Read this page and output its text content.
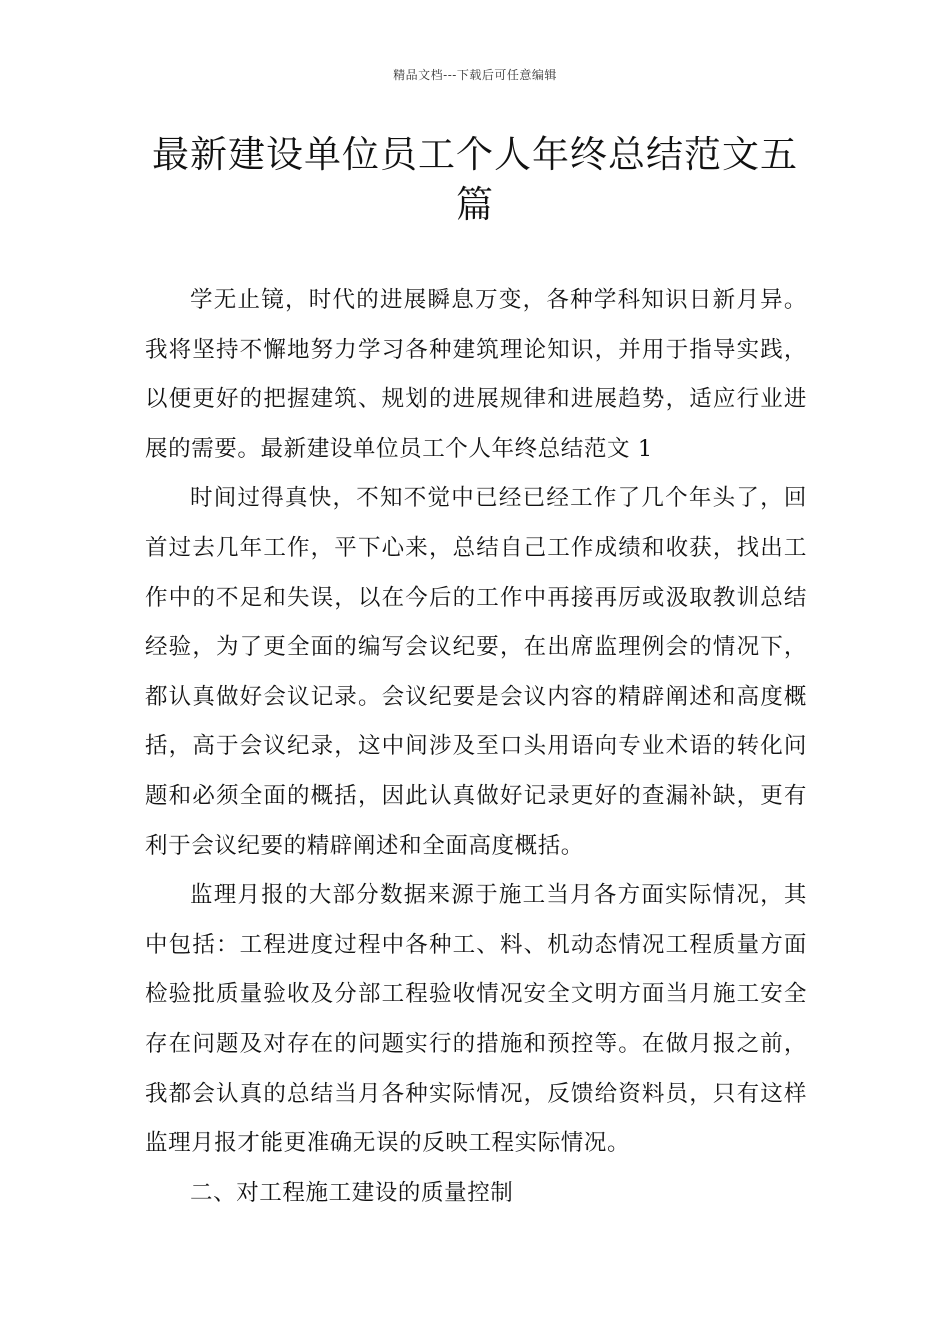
精品文档---下载后可任意编辑
最新建设单位员工个人年终总结范文五篇

学无止镜，时代的进展瞬息万变，各种学科知识日新月异。我将坚持不懈地努力学习各种建筑理论知识，并用于指导实践，以便更好的把握建筑、规划的进展规律和进展趋势，适应行业进展的需要。最新建设单位员工个人年终总结范文 1

时间过得真快，不知不觉中已经已经工作了几个年头了，回首过去几年工作，平下心来，总结自己工作成绩和收获，找出工作中的不足和失误，以在今后的工作中再接再厉或汲取教训总结经验，为了更全面的编写会议纪要，在出席监理例会的情况下，都认真做好会议记录。会议纪要是会议内容的精辟阐述和高度概括，高于会议纪录，这中间涉及至口头用语向专业术语的转化问题和必须全面的概括，因此认真做好记录更好的查漏补缺，更有利于会议纪要的精辟阐述和全面高度概括。

监理月报的大部分数据来源于施工当月各方面实际情况，其中包括：工程进度过程中各种工、料、机动态情况工程质量方面检验批质量验收及分部工程验收情况安全文明方面当月施工安全存在问题及对存在的问题实行的措施和预控等。在做月报之前，我都会认真的总结当月各种实际情况，反馈给资料员，只有这样监理月报才能更准确无误的反映工程实际情况。

二、对工程施工建设的质量控制
